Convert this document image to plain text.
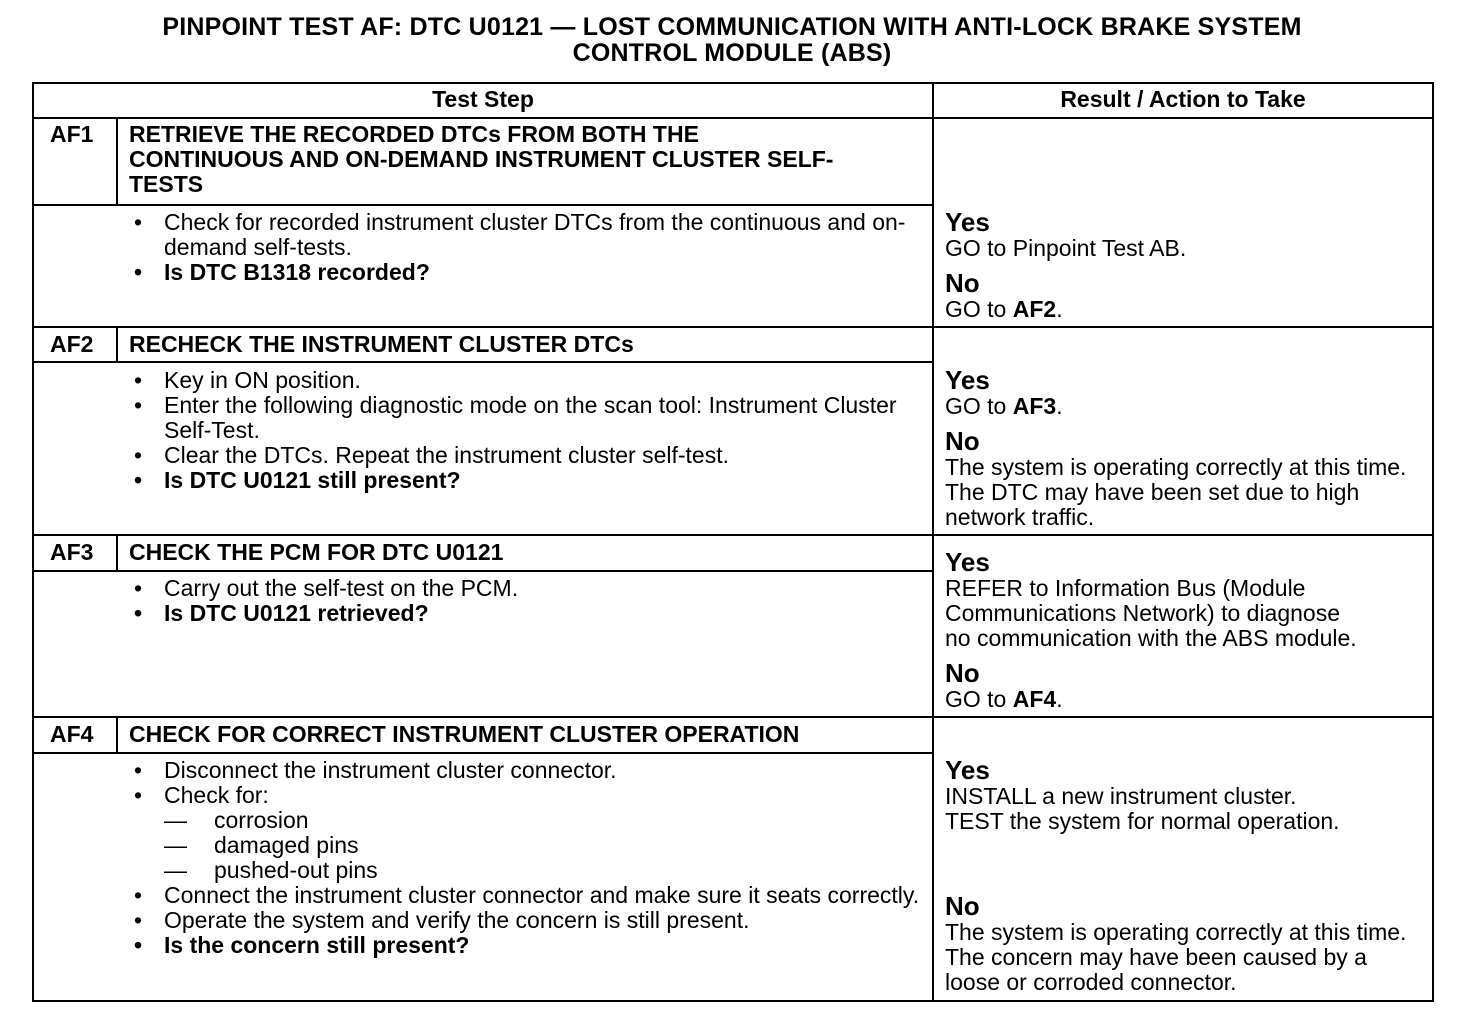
PINPOINT TEST AF: DTC U0121 — LOST COMMUNICATION WITH ANTI-LOCK BRAKE SYSTEM
CONTROL MODULE (ABS)
Test Step	Result / Action to Take
AF1 RETRIEVE THE RECORDED DTCs FROM BOTH THE CONTINUOUS AND ON-DEMAND INSTRUMENT CLUSTER SELF-TESTS
• Check for recorded instrument cluster DTCs from the continuous and on-demand self-tests.
• Is DTC B1318 recorded?
Yes
GO to Pinpoint Test AB.
No
GO to AF2.
AF2 RECHECK THE INSTRUMENT CLUSTER DTCs
• Key in ON position.
• Enter the following diagnostic mode on the scan tool: Instrument Cluster Self-Test.
• Clear the DTCs. Repeat the instrument cluster self-test.
• Is DTC U0121 still present?
Yes
GO to AF3.
No
The system is operating correctly at this time. The DTC may have been set due to high network traffic.
AF3 CHECK THE PCM FOR DTC U0121
• Carry out the self-test on the PCM.
• Is DTC U0121 retrieved?
Yes
REFER to Information Bus (Module
Communications Network) to diagnose
no communication with the ABS module.
No
GO to AF4.
AF4 CHECK FOR CORRECT INSTRUMENT CLUSTER OPERATION
• Disconnect the instrument cluster connector.
• Check for:
—	corrosion
—	damaged pins
—	pushed-out pins
• Connect the instrument cluster connector and make sure it seats correctly.
• Operate the system and verify the concern is still present.
• Is the concern still present?
Yes
INSTALL a new instrument cluster.
TEST the system for normal operation.
No
The system is operating correctly at this time. The concern may have been caused by a loose or corroded connector.
